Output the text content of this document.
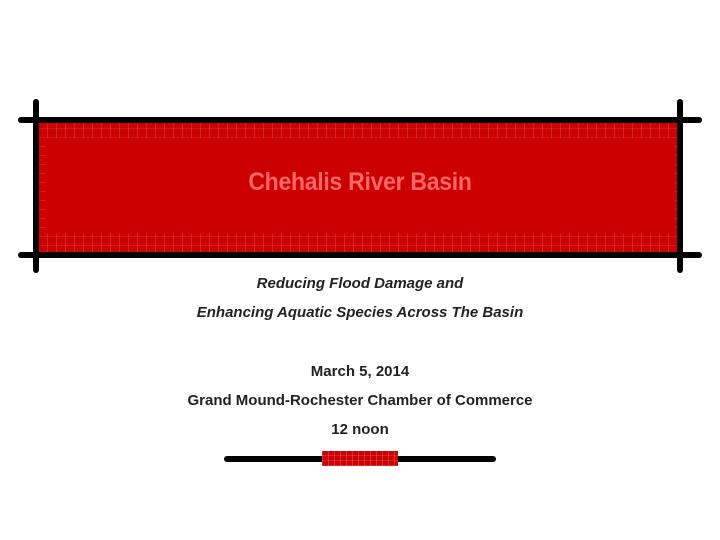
Chehalis River Basin
Reducing Flood Damage and
Enhancing Aquatic Species Across The Basin
March 5, 2014
Grand Mound-Rochester Chamber of Commerce
12 noon
